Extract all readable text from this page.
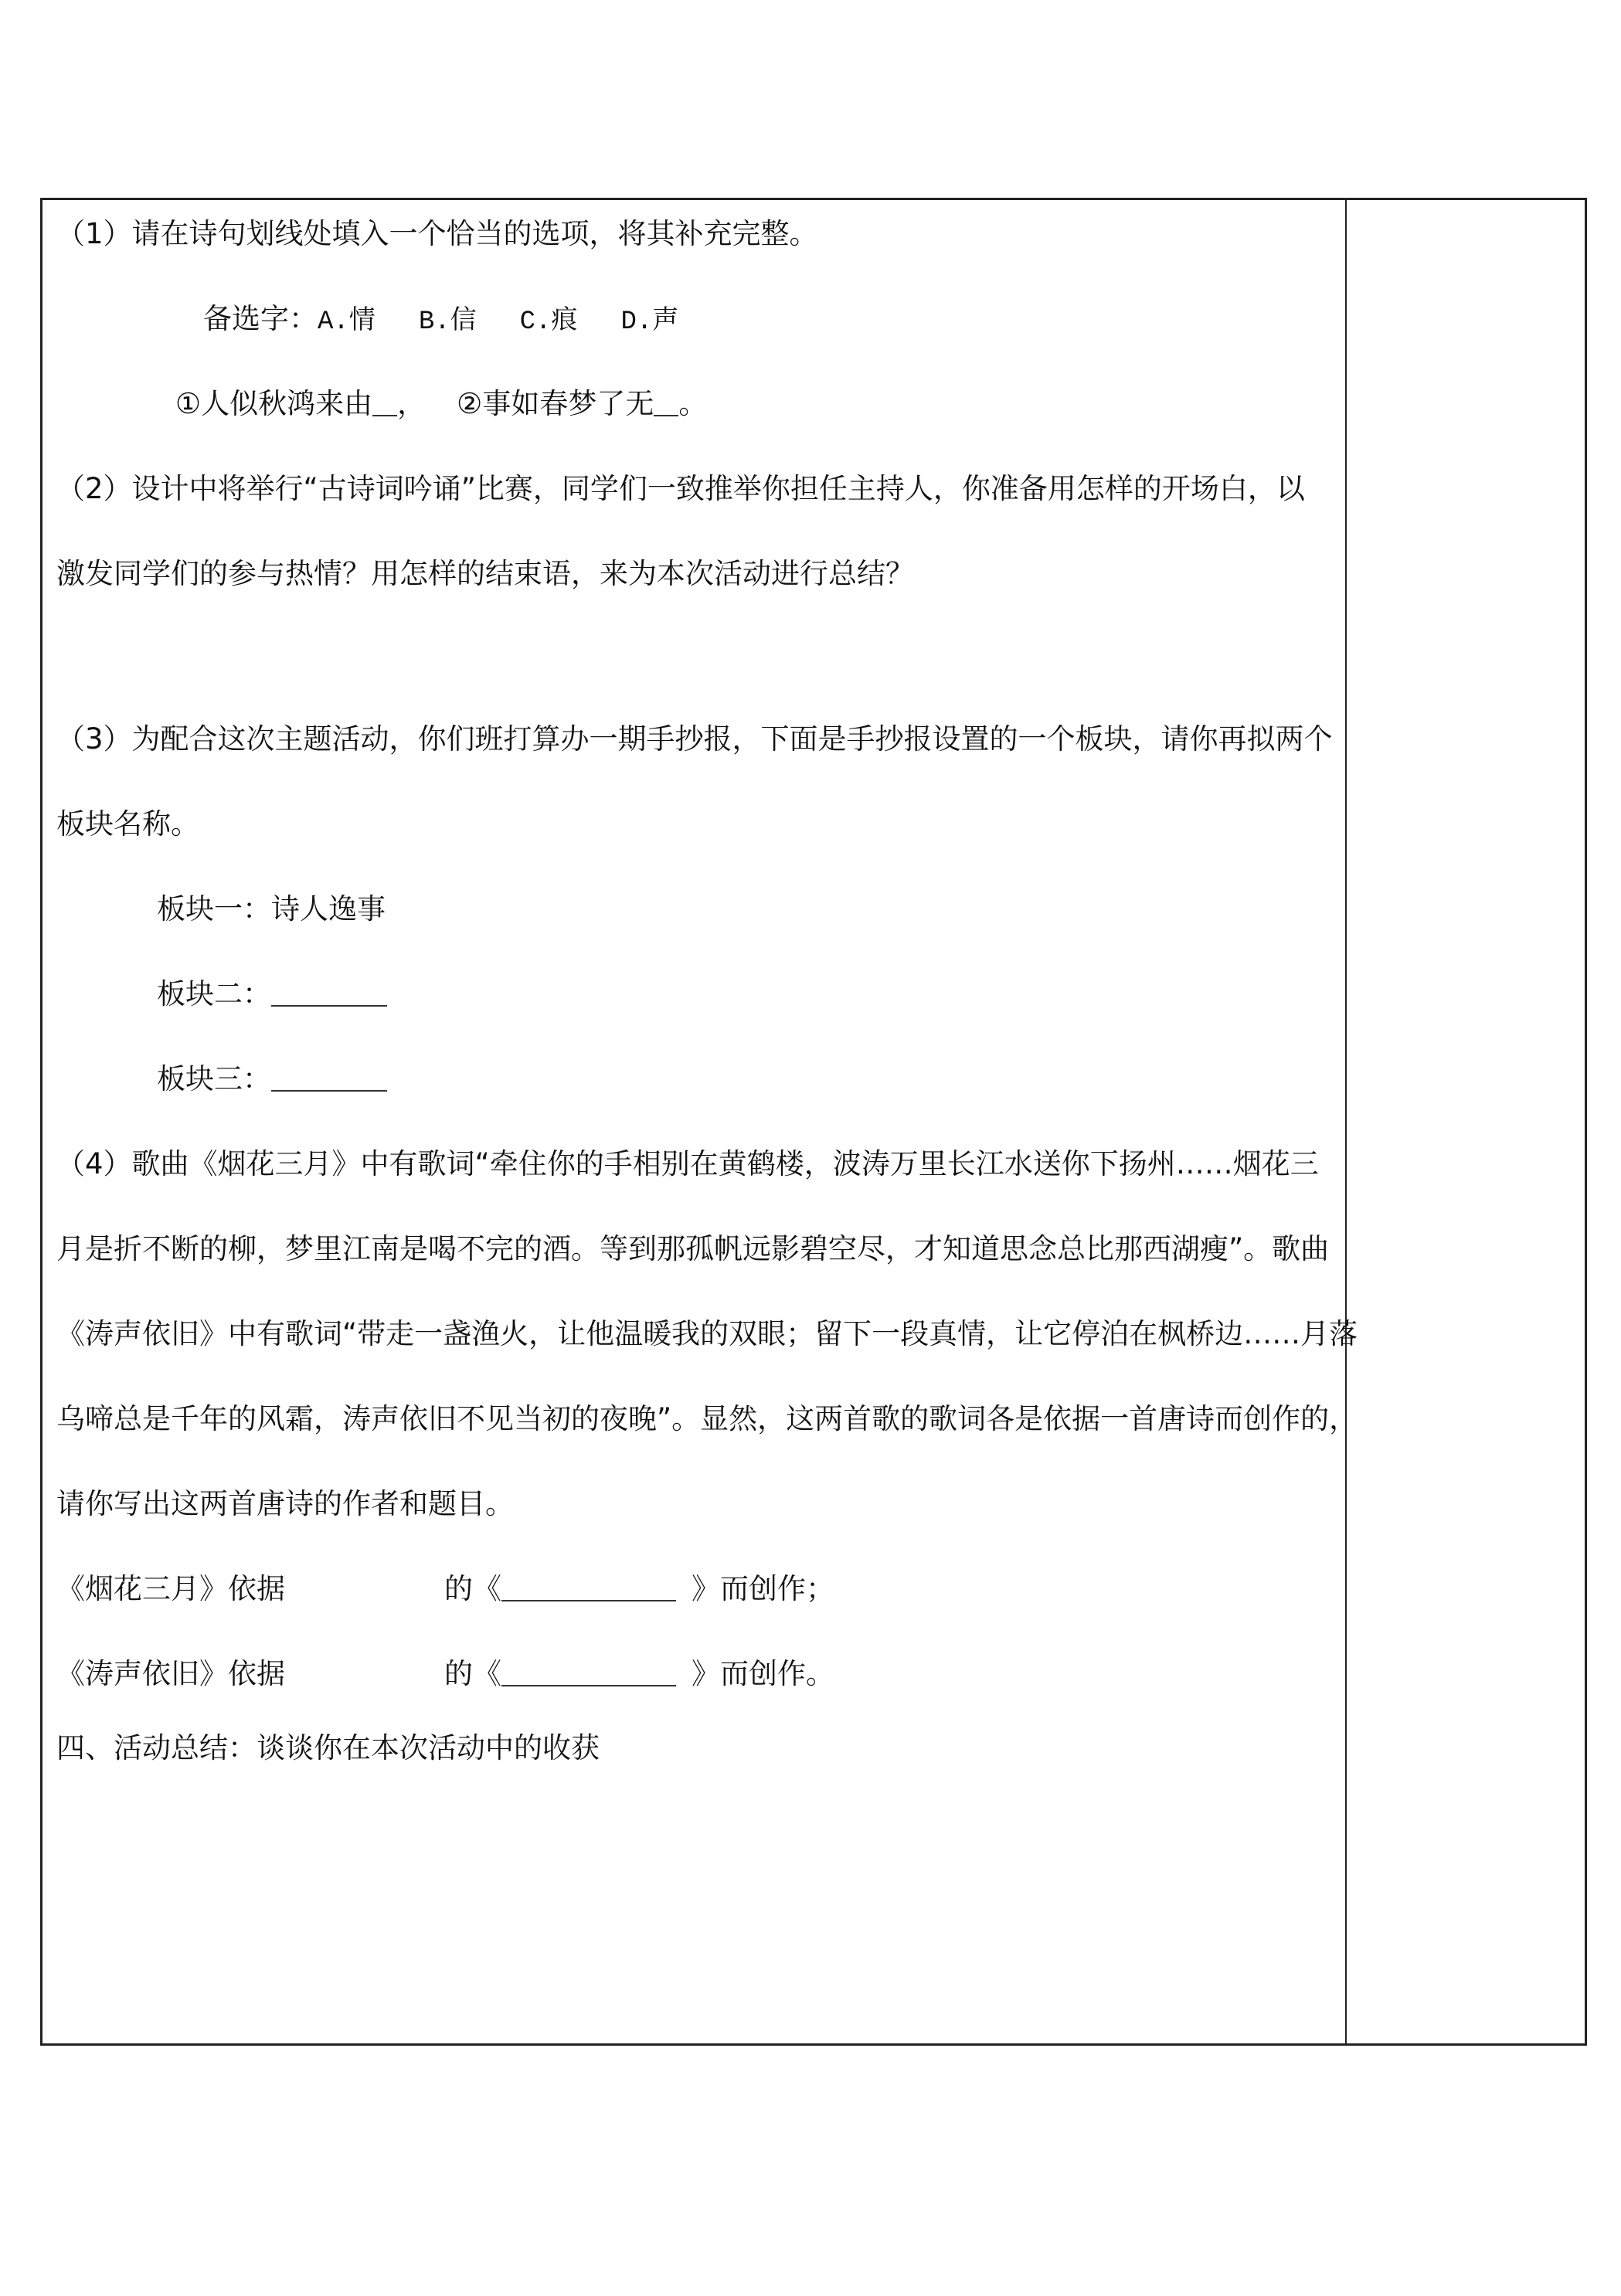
（1）请在诗句划线处填入一个恰当的选项，将其补充完整。
备选字：A.情 B.信 C.痕 D.声
①人似秋鸿来由 ， ②事如春梦了无 。
（2）设计中将举行“古诗词吟诵”比赛，同学们一致推举你担任主持人，你准备用怎样的开场白，以
激发同学们的参与热情？用怎样的结束语，来为本次活动进行总结？
（3）为配合这次主题活动，你们班打算办一期手抄报，下面是手抄报设置的一个板块，请你再拟两个
板块名称。
板块一：诗人逸事
板块二：
板块三：
（4）歌曲《烟花三月》中有歌词“牵住你的手相别在黄鹤楼，波涛万里长江水送你下扬州……烟花三
月是折不断的柳，梦里江南是喝不完的酒。等到那孤帆远影碧空尽，才知道思念总比那西湖瘦”。歌曲
《涛声依旧》中有歌词“带走一盏渔火，让他温暖我的双眼；留下一段真情，让它停泊在枫桥边……月落
乌啼总是千年的风霜，涛声依旧不见当初的夜晚”。显然，这两首歌的歌词各是依据一首唐诗而创作的，
请你写出这两首唐诗的作者和题目。
《烟花三月》依据	的《	》而创作；
《涛声依旧》依据	的《	》而创作。
四、活动总结：谈谈你在本次活动中的收获
